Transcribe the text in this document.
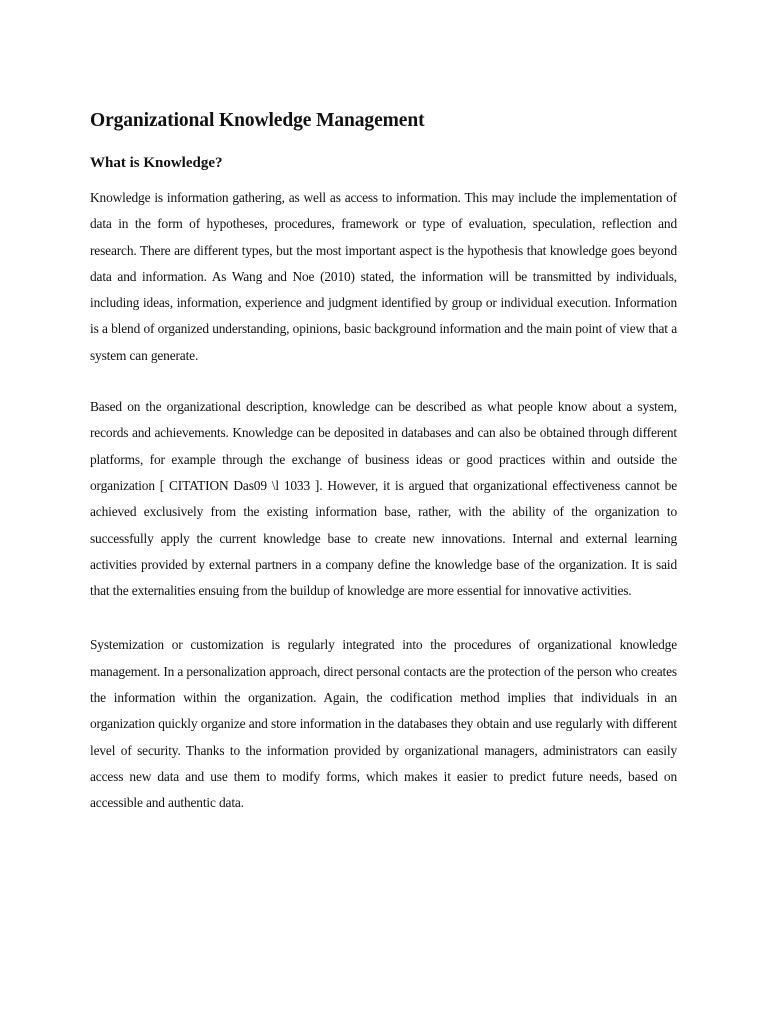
Organizational Knowledge Management
What is Knowledge?

Knowledge is information gathering, as well as access to information. This may include the implementation of data in the form of hypotheses, procedures, framework or type of evaluation, speculation, reflection and research. There are different types, but the most important aspect is the hypothesis that knowledge goes beyond data and information. As Wang and Noe (2010) stated, the information will be transmitted by individuals, including ideas, information, experience and judgment identified by group or individual execution. Information is a blend of organized understanding, opinions, basic background information and the main point of view that a system can generate.

Based on the organizational description, knowledge can be described as what people know about a system, records and achievements. Knowledge can be deposited in databases and can also be obtained through different platforms, for example through the exchange of business ideas or good practices within and outside the organization [ CITATION Das09 \l 1033 ]. However, it is argued that organizational effectiveness cannot be achieved exclusively from the existing information base, rather, with the ability of the organization to successfully apply the current knowledge base to create new innovations. Internal and external learning activities provided by external partners in a company define the knowledge base of the organization. It is said that the externalities ensuing from the buildup of knowledge are more essential for innovative activities.

Systemization or customization is regularly integrated into the procedures of organizational knowledge management. In a personalization approach, direct personal contacts are the protection of the person who creates the information within the organization. Again, the codification method implies that individuals in an organization quickly organize and store information in the databases they obtain and use regularly with different level of security. Thanks to the information provided by organizational managers, administrators can easily access new data and use them to modify forms, which makes it easier to predict future needs, based on accessible and authentic data.
